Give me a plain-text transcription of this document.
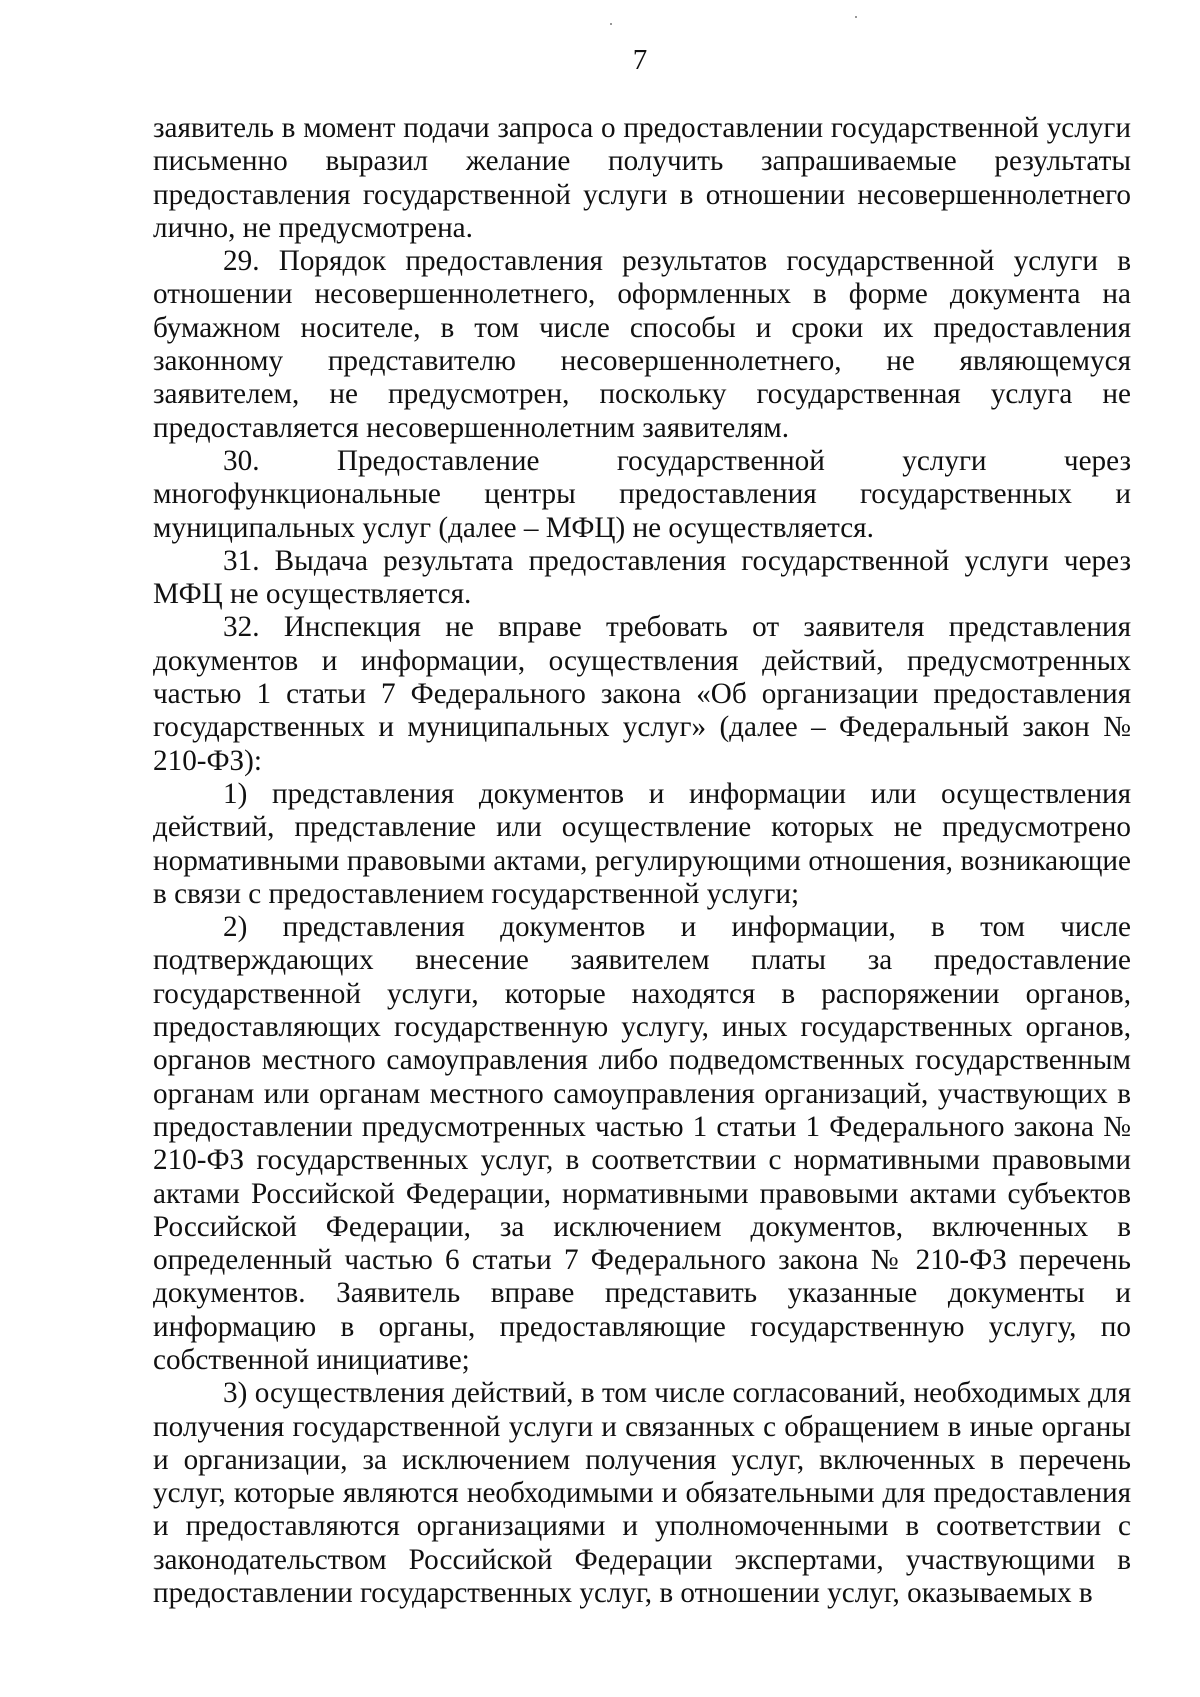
7

заявитель в момент подачи запроса о предоставлении государственной услуги письменно выразил желание получить запрашиваемые результаты предоставления государственной услуги в отношении несовершеннолетнего лично, не предусмотрена.

29. Порядок предоставления результатов государственной услуги в отношении несовершеннолетнего, оформленных в форме документа на бумажном носителе, в том числе способы и сроки их предоставления законному представителю несовершеннолетнего, не являющемуся заявителем, не предусмотрен, поскольку государственная услуга не предоставляется несовершеннолетним заявителям.

30. Предоставление государственной услуги через многофункциональные центры предоставления государственных и муниципальных услуг (далее – МФЦ) не осуществляется.

31. Выдача результата предоставления государственной услуги через МФЦ не осуществляется.

32. Инспекция не вправе требовать от заявителя представления документов и информации, осуществления действий, предусмотренных частью 1 статьи 7 Федерального закона «Об организации предоставления государственных и муниципальных услуг» (далее – Федеральный закон № 210-ФЗ):

1) представления документов и информации или осуществления действий, представление или осуществление которых не предусмотрено нормативными правовыми актами, регулирующими отношения, возникающие в связи с предоставлением государственной услуги;

2) представления документов и информации, в том числе подтверждающих внесение заявителем платы за предоставление государственной услуги, которые находятся в распоряжении органов, предоставляющих государственную услугу, иных государственных органов, органов местного самоуправления либо подведомственных государственным органам или органам местного самоуправления организаций, участвующих в предоставлении предусмотренных частью 1 статьи 1 Федерального закона № 210-ФЗ государственных услуг, в соответствии с нормативными правовыми актами Российской Федерации, нормативными правовыми актами субъектов Российской Федерации, за исключением документов, включенных в определенный частью 6 статьи 7 Федерального закона № 210-ФЗ перечень документов. Заявитель вправе представить указанные документы и информацию в органы, предоставляющие государственную услугу, по собственной инициативе;

3) осуществления действий, в том числе согласований, необходимых для получения государственной услуги и связанных с обращением в иные органы и организации, за исключением получения услуг, включенных в перечень услуг, которые являются необходимыми и обязательными для предоставления и предоставляются организациями и уполномоченными в соответствии с законодательством Российской Федерации экспертами, участвующими в предоставлении государственных услуг, в отношении услуг, оказываемых в
